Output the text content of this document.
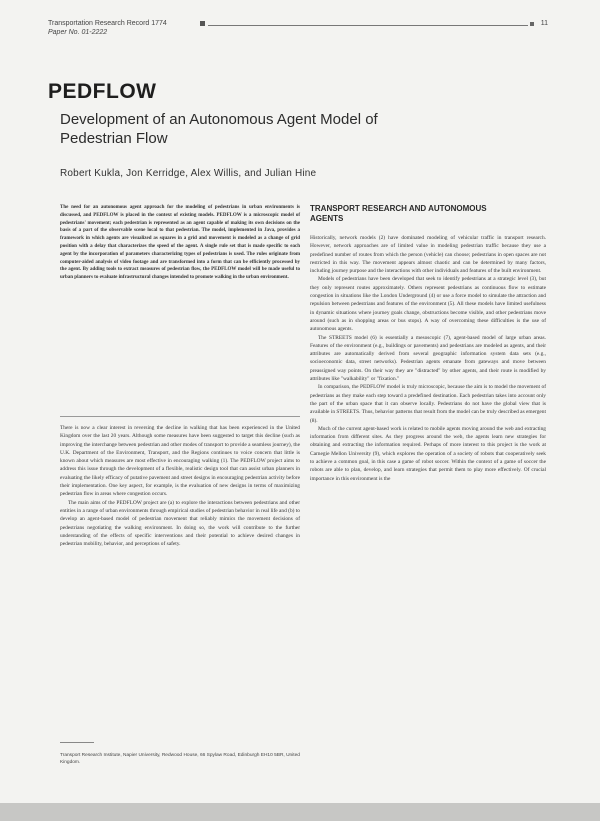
Transportation Research Record 1774	11
Paper No. 01-2222
PEDFLOW
Development of an Autonomous Agent Model of Pedestrian Flow
Robert Kukla, Jon Kerridge, Alex Willis, and Julian Hine
The need for an autonomous agent approach for the modeling of pedestrians in urban environments is discussed, and PEDFLOW is placed in the context of existing models. PEDFLOW is a microscopic model of pedestrians' movement; each pedestrian is represented as an agent capable of making its own decisions on the basis of a part of the observable scene local to that pedestrian. The model, implemented in Java, provides a framework in which agents are visualized as squares in a grid and movement is modeled as a change of grid position with a delay that characterizes the speed of the agent. A single rule set that is made specific to each agent by the incorporation of parameters characterizing types of pedestrians is used. The rules originate from computer-aided analysis of video footage and are transformed into a form that can be efficiently processed by the agent. By adding tools to extract measures of pedestrian flow, the PEDFLOW model will be made useful to urban planners to evaluate infrastructural changes intended to promote walking in the urban environment.

There is now a clear interest in reversing the decline in walking that has been experienced in the United Kingdom over the last 20 years. Although some measures have been suggested to target this decline (such as improving the interchange between pedestrian and other modes of transport to provide a seamless journey), the U.K. Department of the Environment, Transport, and the Regions continues to voice concern that little is known about which measures are most effective in encouraging walking (1). The PEDFLOW project aims to address this issue through the development of a flexible, realistic design tool that can assist urban planners in evaluating the likely efficacy of putative pavement and street designs in encouraging pedestrian activity before their implementation. One key aspect, for example, is the evaluation of new designs in terms of maximizing pedestrian flow in areas where congestion occurs.

The main aims of the PEDFLOW project are (a) to explore the interactions between pedestrians and other entities in a range of urban environments through empirical studies of pedestrian behavior in real life and (b) to develop an agent-based model of pedestrian movement that reliably mimics the movement decisions of pedestrians negotiating the walking environment. In doing so, the work will contribute to the further understanding of the effects of specific interventions and their potential to achieve desired changes in pedestrian mobility, behavior, and perceptions of safety.

Transport Research Institute, Napier University, Redwood House, 66 Spylaw Road, Edinburgh EH10 5BR, United Kingdom.
TRANSPORT RESEARCH AND AUTONOMOUS AGENTS

Historically, network models (2) have dominated modeling of vehicular traffic in transport research. However, network approaches are of limited value in modeling pedestrian traffic because they use a predefined number of routes from which the person (vehicle) can choose; pedestrians in open spaces are not restricted in this way. The movement appears almost chaotic and can be determined by many factors, including journey purpose and the interactions with other individuals and features of the built environment.

Models of pedestrians have been developed that seek to identify pedestrians at a strategic level (3), but they only represent routes approximately. Others represent pedestrians as continuous flow to estimate congestion in situations like the London Underground (4) or use a force model to simulate the attraction and repulsion between pedestrians and features of the environment (5). All these models have limited usefulness in dynamic situations where journey goals change, obstructions become visible, and other pedestrians move around (such as in shopping areas or bus stops). A way of overcoming these difficulties is the use of autonomous agents.

The STREETS model (6) is essentially a mesoscopic (7), agent-based model of large urban areas. Features of the environment (e.g., buildings or pavements) and pedestrians are modeled as agents, and their attributes are automatically derived from several geographic information system data sets (e.g., socioeconomic data, street networks). Pedestrian agents emanate from gateways and move between preassigned way points. On their way they are "distracted" by other agents, and their route is modified by attributes like "walkability" or "fixation."

In comparison, the PEDFLOW model is truly microscopic, because the aim is to model the movement of pedestrians as they make each step toward a predefined destination. Each pedestrian takes into account only the part of the urban space that it can observe locally. Pedestrians do not have the global view that is available in STREETS. Thus, behavior patterns that result from the model can be truly described as emergent (8).

Much of the current agent-based work is related to mobile agents moving around the web and extracting information from different sites. As they progress around the web, the agents learn new strategies for obtaining and extracting the information required. Perhaps of more interest to this project is the work at Carnegie Mellon University (9), which explores the operation of a society of robots that cooperatively seek to achieve a common goal, in this case a game of robot soccer. Within the context of a game of soccer the robots are able to plan, develop, and learn strategies that permit them to play more effectively. Of crucial importance in this environment is the
